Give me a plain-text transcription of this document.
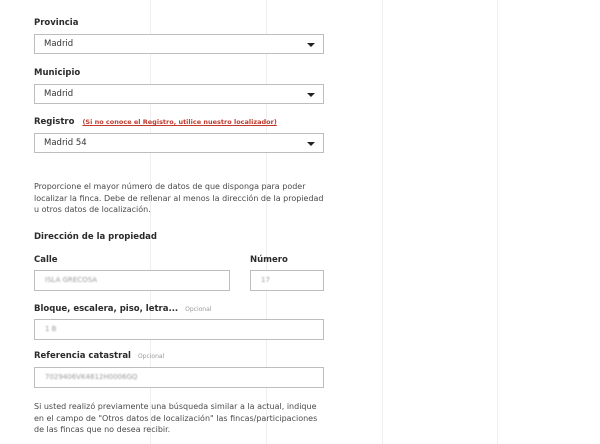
Provincia
Madrid
Municipio
Madrid
Registro (Si no conoce el Registro, utilice nuestro localizador)
Madrid 54
Proporcione el mayor número de datos de que disponga para poder localizar la finca. Debe de rellenar al menos la dirección de la propiedad u otros datos de localización.
Dirección de la propiedad
Calle
ISLA GRECOSA
Número
17
Bloque, escalera, piso, letra... Opcional
1 B
Referencia catastral Opcional
7029406VK4812H0006GQ
Si usted realizó previamente una búsqueda similar a la actual, indique en el campo de "Otros datos de localización" las fincas/participaciones de las fincas que no desea recibir.
